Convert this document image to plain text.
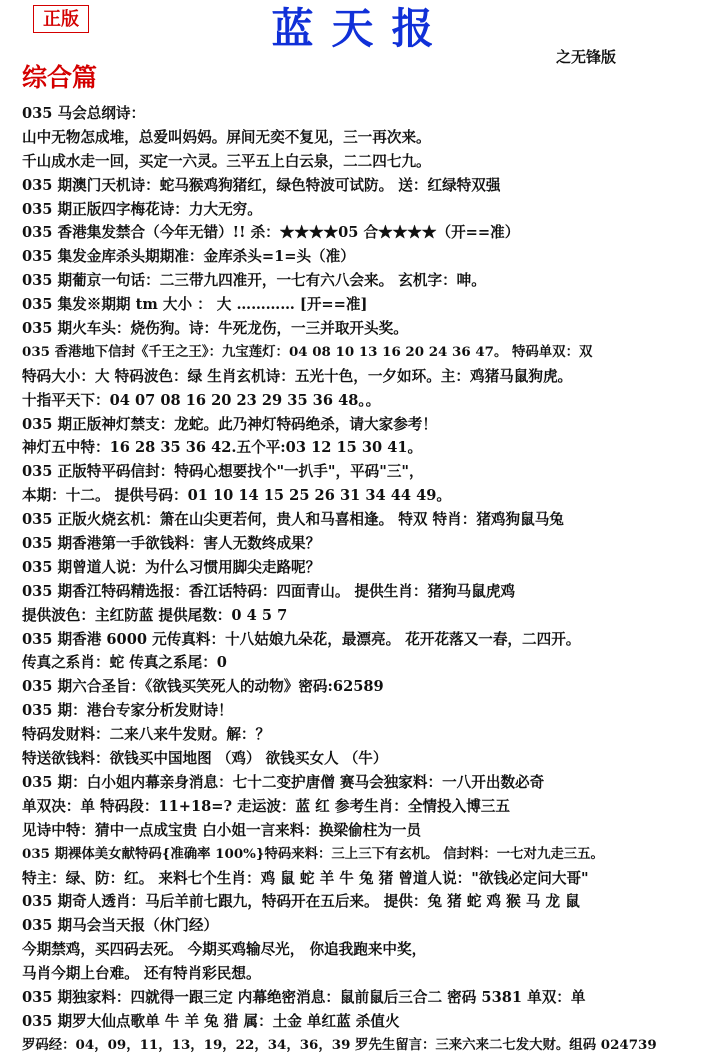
正版	蓝天报
之无锋版
综合篇
035 马会总纲诗：
山中无物怎成堆，总爱叫妈妈。屏间无奕不复见，三一再次来。
千山成水走一回，买定一六灵。三平五上白云泉，二二四七九。
035 期澳门天机诗：蛇马猴鸡狗猪红，绿色特波可试防。 送：红绿特双强
035 期正版四字梅花诗：力大无穷。
035 香港集发禁合（今年无错）!! 杀：★★★★05 合★★★★（开==准）
035 集发金库杀头期期准：金库杀头=1=头（准）
035 期葡京一句话：二三带九四准开，一七有六八会来。 玄机字：呻。
035 集发※期期 tm 大小 ： 大 ………… [开==准]
035 期火车头：烧伤狗。诗：牛死龙伤，一三并取开头奖。
035 香港地下信封《千王之王》：九宝莲灯：04 08 10 13 16 20 24 36 47。 特码单双：双
特码大小：大 特码波色：绿 生肖玄机诗：五光十色，一夕如环。主：鸡猪马鼠狗虎。
十指平天下：04 07 08 16 20 23 29 35 36 48。。
035 期正版神灯禁支：龙蛇。此乃神灯特码绝杀，请大家参考！
神灯五中特：16 28 35 36 42.五个平:03 12 15 30 41。
035 正版特平码信封：特码心想要找个"一扒手"，平码"三"，
本期：十二。 提供号码：01 10 14 15 25 26 31 34 44 49。
035 正版火烧玄机：箫在山尖更若何，贵人和马喜相逢。 特双 特肖：猪鸡狗鼠马兔
035 期香港第一手欲钱料：害人无数终成果？
035 期曾道人说：为什么习惯用脚尖走路呢？
035 期香江特码精选报：香江话特码：四面青山。 提供生肖：猪狗马鼠虎鸡
提供波色：主红防蓝 提供尾数：0 4 5 7
035 期香港 6000 元传真料：十八姑娘九朵花，最漂亮。 花开花落又一春，二四开。
传真之系肖：蛇 传真之系尾：0
035 期六合圣旨：《欲钱买笑死人的动物》密码:62589
035 期：港台专家分析发财诗！
特码发财料：二来八来牛发财。解：？
特送欲钱料：欲钱买中国地图 （鸡） 欲钱买女人 （牛）
035 期：白小姐内幕亲身消息：七十二变护唐僧 赛马会独家料：一八开出数必奇
单双决：单 特码段：11+18=? 走运波：蓝 红 参考生肖：全情投入博三五
见诗中特：猜中一点成宝贵 白小姐一言来料：换梁偷柱为一员
035 期裸体美女献特码{准确率 100%}特码来料：三上三下有玄机。 信封料：一七对九走三五。
特主：绿、防：红。 来料七个生肖：鸡 鼠 蛇 羊 牛 兔 猪 曾道人说："欲钱必定问大哥"
035 期奇人透肖：马后羊前七跟九，特码开在五后来。 提供：兔 猪 蛇 鸡 猴 马 龙 鼠
035 期马会当天报（休门经）
今期禁鸡，买四码去死。 今期买鸡输尽光， 你追我跑来中奖，
马肖今期上台难。 还有特肖彩民想。
035 期独家料：四就得一跟三定 内幕绝密消息：鼠前鼠后三合二 密码 5381 单双：单
035 期罗大仙点歌单 牛 羊 兔 猎 属：土金 单红蓝 杀值火
罗码经：04，09，11，13，19，22，34，36，39 罗先生留言：三来六来二七发大财。组码 024739
